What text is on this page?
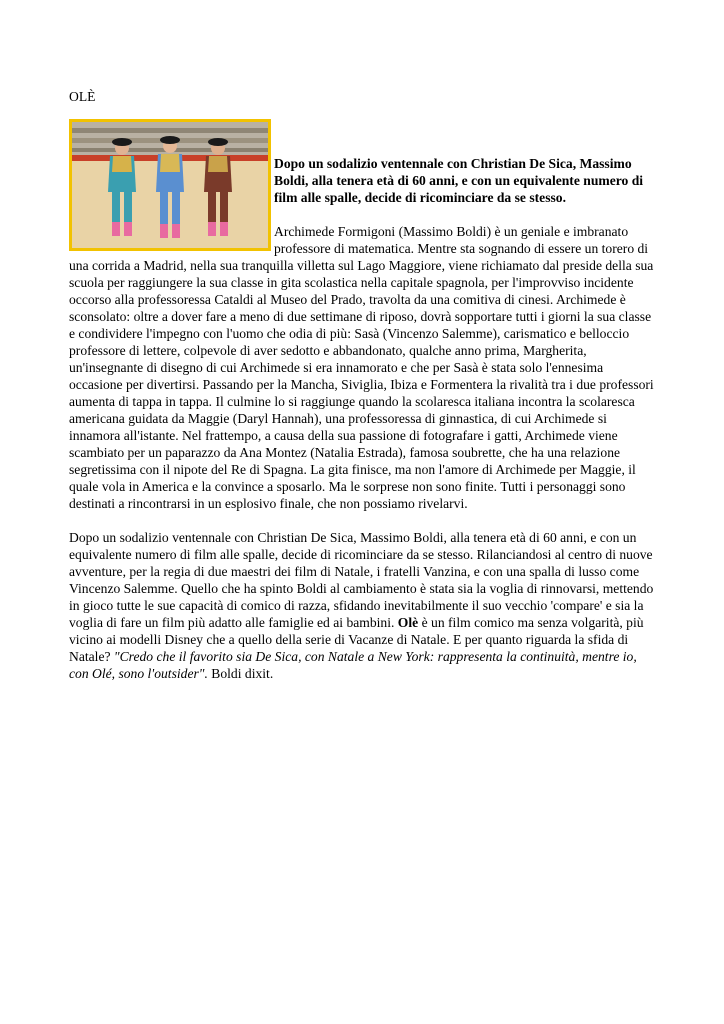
OLÈ

Dopo un sodalizio ventennale con Christian De Sica, Massimo Boldi, alla tenera età di 60 anni, e con un equivalente numero di film alle spalle, decide di ricominciare da se stesso.

Archimede Formigoni (Massimo Boldi) è un geniale e imbranato professore di matematica. Mentre sta sognando di essere un torero di una corrida a Madrid, nella sua tranquilla villetta sul Lago Maggiore, viene richiamato dal preside della sua scuola per raggiungere la sua classe in gita scolastica nella capitale spagnola, per l'improvviso incidente occorso alla professoressa Cataldi al Museo del Prado, travolta da una comitiva di cinesi. Archimede è sconsolato: oltre a dover fare a meno di due settimane di riposo, dovrà sopportare tutti i giorni la sua classe e condividere l'impegno con l'uomo che odia di più: Sasà (Vincenzo Salemme), carismatico e belloccio professore di lettere, colpevole di aver sedotto e abbandonato, qualche anno prima, Margherita, un'insegnante di disegno di cui Archimede si era innamorato e che per Sasà è stata solo l'ennesima occasione per divertirsi. Passando per la Mancha, Siviglia, Ibiza e Formentera la rivalità tra i due professori aumenta di tappa in tappa. Il culmine lo si raggiunge quando la scolaresca italiana incontra la scolaresca americana guidata da Maggie (Daryl Hannah), una professoressa di ginnastica, di cui Archimede si innamora all'istante. Nel frattempo, a causa della sua passione di fotografare i gatti, Archimede viene scambiato per un paparazzo da Ana Montez (Natalia Estrada), famosa soubrette, che ha una relazione segretissima con il nipote del Re di Spagna. La gita finisce, ma non l'amore di Archimede per Maggie, il quale vola in America e la convince a sposarlo. Ma le sorprese non sono finite. Tutti i personaggi sono destinati a rincontrarsi in un esplosivo finale, che non possiamo rivelarvi.

Dopo un sodalizio ventennale con Christian De Sica, Massimo Boldi, alla tenera età di 60 anni, e con un equivalente numero di film alle spalle, decide di ricominciare da se stesso. Rilanciandosi al centro di nuove avventure, per la regia di due maestri dei film di Natale, i fratelli Vanzina, e con una spalla di lusso come Vincenzo Salemme. Quello che ha spinto Boldi al cambiamento è stata sia la voglia di rinnovarsi, mettendo in gioco tutte le sue capacità di comico di razza, sfidando inevitabilmente il suo vecchio 'compare' e sia la voglia di fare un film più adatto alle famiglie ed ai bambini. Olè è un film comico ma senza volgarità, più vicino ai modelli Disney che a quello della serie di Vacanze di Natale. E per quanto riguarda la sfida di Natale? "Credo che il favorito sia De Sica, con Natale a New York: rappresenta la continuità, mentre io, con Olé, sono l'outsider". Boldi dixit.
